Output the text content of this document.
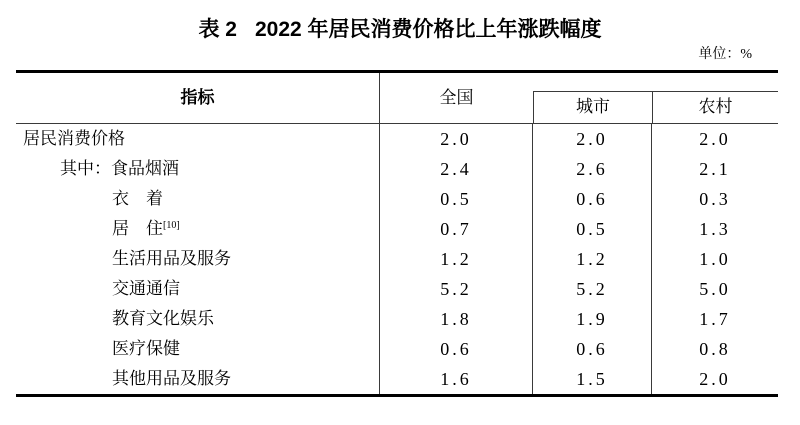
表 2 2022 年居民消费价格比上年涨跌幅度
单位：%
指标	全国	城市	农村
居民消费价格	2.0	2.0	2.0
其中：食品烟酒	2.4	2.6	2.1
衣　着	0.5	0.6	0.3
居　住[10]	0.7	0.5	1.3
生活用品及服务	1.2	1.2	1.0
交通通信	5.2	5.2	5.0
教育文化娱乐	1.8	1.9	1.7
医疗保健	0.6	0.6	0.8
其他用品及服务	1.6	1.5	2.0
